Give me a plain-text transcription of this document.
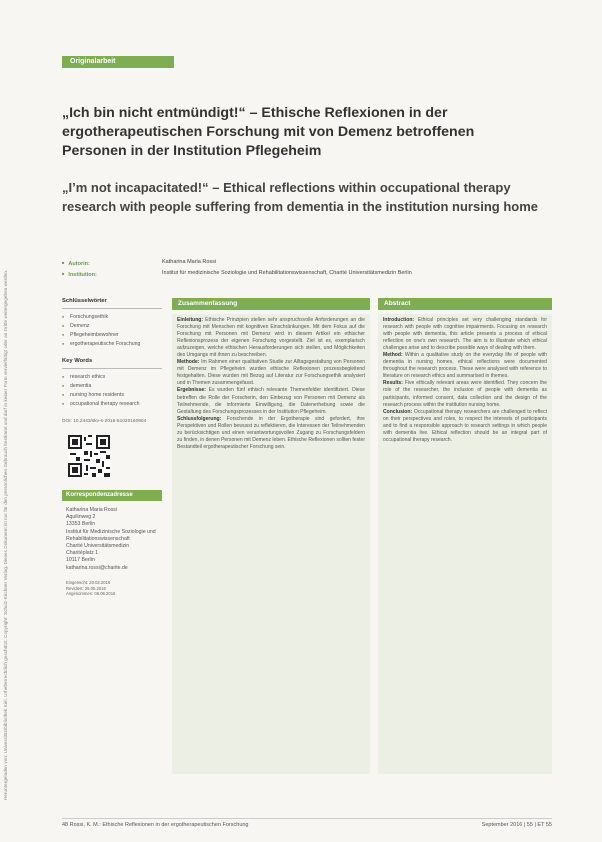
Heruntergeladen von: Universitätsbibliothek Kiel. Urheberrechtlich geschützt. Copyright: Schulz-Kirchner Verlag. Dieses Dokument ist nur für den persönlichen Gebrauch bestimmt und darf in keiner Form vervielfältigt oder an Dritte weitergegeben werden.
Originalarbeit
„Ich bin nicht entmündigt!“ – Ethische Reflexionen in der ergotherapeutischen Forschung mit von Demenz betroffenen Personen in der Institution Pflegeheim
„I’m not incapacitated!“ – Ethical reflections within occupational therapy research with people suffering from dementia in the institution nursing home
■ Autorin:	Katharina Maria Rossi
■ Institution:	Institut für medizinische Soziologie und Rehabilitationswissenschaft, Charité Universitätsmedizin Berlin
Schlüsselwörter
■ Forschungsethik
■ Demenz
■ Pflegeheimbewohner
■ ergotherapeutische Forschung
Key Words
■ research ethics
■ dementia
■ nursing home residents
■ occupational therapy research
DOI: 10.2443/skv-s-2016-51020160904
Korrespondenzadresse

Katharina Maria Rossi

Aquilinweg 2

13353 Berlin

Institut für Medizinische Soziologie und Rehabilitationswissenschaft

Charité Universitätsmedizin

Charitéplatz 1

10117 Berlin

katharina.rossi@charite.de

Eingereicht: 20.02.2016
Revidiert: 25.05.2016
Angenommen: 06.06.2016
Zusammenfassung

Einleitung: Ethische Prinzipien stellen sehr anspruchsvolle Anforderungen an die Forschung mit Menschen mit kognitiven Einschränkungen. Mit dem Fokus auf die Forschung mit Personen mit Demenz wird in diesem Artikel ein ethischer Reflexionsprozess der eigenen Forschung vorgestellt. Ziel ist es, exemplarisch aufzuzeigen, welche ethischen Herausforderungen sich stellen, und Möglichkeiten des Umgangs mit ihnen zu beschreiben.

Methode: Im Rahmen einer qualitativen Studie zur Alltagsgestaltung von Personen mit Demenz im Pflegeheim wurden ethische Reflexionen prozessbegleitend festgehalten. Diese wurden mit Bezug auf Literatur zur Forschungsethik analysiert und in Themen zusammengefasst.

Ergebnisse: Es wurden fünf ethisch relevante Themenfelder identifiziert. Diese betreffen die Rolle der Forscherin, den Einbezug von Personen mit Demenz als Teilnehmende, die informierte Einwilligung, die Datenerhebung sowie die Gestaltung des Forschungsprozesses in der Institution Pflegeheim.

Schlussfolgerung: Forschende in der Ergotherapie sind gefordert, ihre Perspektiven und Rollen bewusst zu reflektieren, die Interessen der Teilnehmenden zu berücksichtigen und einen verantwortungsvollen Zugang zu Forschungsfeldern zu finden, in denen Personen mit Demenz leben. Ethische Reflexionen sollten fester Bestandteil ergotherapeutischer Forschung sein.

Abstract

Introduction: Ethical principles set very challenging standards for research with people with cognitive impairments. Focusing on research with people with dementia, this article presents a process of ethical reflection on one’s own research. The aim is to illustrate which ethical challenges arise and to describe possible ways of dealing with them.

Method: Within a qualitative study on the everyday life of people with dementia in nursing homes, ethical reflections were documented throughout the research process. These were analysed with reference to literature on research ethics and summarised in themes.

Results: Five ethically relevant areas were identified. They concern the role of the researcher, the inclusion of people with dementia as participants, informed consent, data collection and the design of the research process within the institution nursing home.

Conclusion: Occupational therapy researchers are challenged to reflect on their perspectives and roles, to respect the interests of participants and to find a responsible approach to research settings in which people with dementia live. Ethical reflection should be an integral part of occupational therapy research.

48 Rossi, K. M.: Ethische Reflexionen in der ergotherapeutischen Forschung	September 2016 | 55 | ET 55
